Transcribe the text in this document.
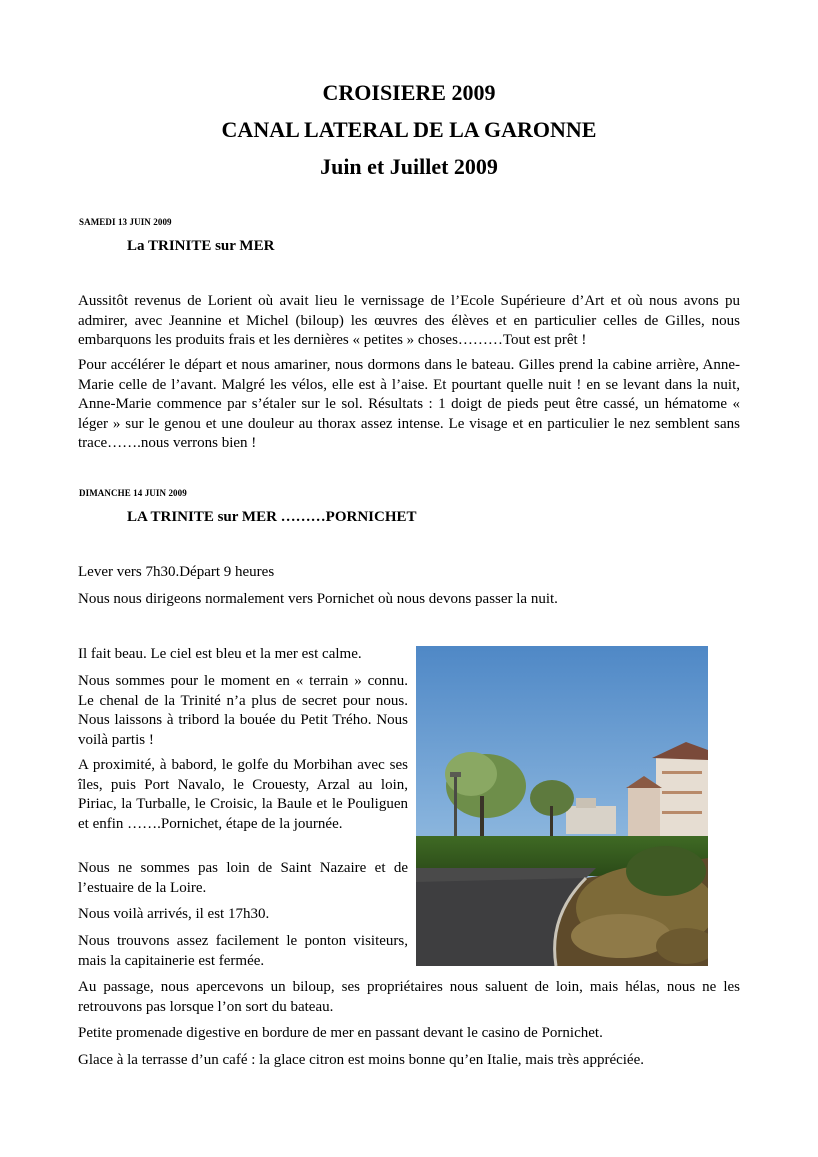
CROISIERE 2009
CANAL LATERAL DE LA GARONNE
Juin et Juillet 2009
SAMEDI 13 JUIN 2009
La TRINITE sur MER

Aussitôt revenus de Lorient où avait lieu le vernissage de l’Ecole Supérieure d’Art et où nous avons pu admirer, avec Jeannine et Michel (biloup) les œuvres des élèves et en particulier celles de Gilles, nous embarquons les produits frais et les dernières « petites » choses………Tout est prêt !

Pour accélérer le départ et nous amariner, nous dormons dans le bateau. Gilles prend la cabine arrière, Anne-Marie celle de l’avant. Malgré les vélos, elle est à l’aise. Et pourtant quelle nuit ! en se levant dans la nuit, Anne-Marie commence par s’étaler sur le sol. Résultats : 1 doigt de pieds peut être cassé, un hématome « léger » sur le genou et une douleur au thorax assez intense. Le visage et en particulier le nez semblent sans trace…….nous verrons bien !

DIMANCHE 14 JUIN 2009
LA TRINITE sur MER ………PORNICHET
Lever vers 7h30.Départ 9 heures
Nous nous dirigeons normalement vers Pornichet où nous devons passer la nuit.

Il fait beau. Le ciel est bleu et la mer est calme.

Nous sommes pour le moment en « terrain » connu. Le chenal de la Trinité n’a plus de secret pour nous. Nous laissons à tribord la bouée du Petit Trého. Nous voilà partis !

A proximité, à babord, le golfe du Morbihan avec ses îles, puis Port Navalo, le Crouesty, Arzal au loin, Piriac, la Turballe, le Croisic, la Baule et le Pouliguen et enfin …….Pornichet, étape de la journée.

Nous ne sommes pas loin de Saint Nazaire et de l’estuaire de la Loire.

Nous voilà arrivés, il est 17h30.

Nous trouvons assez facilement le ponton visiteurs, mais la capitainerie est fermée.

Au passage, nous apercevons un biloup, ses propriétaires nous saluent de loin, mais hélas, nous ne les retrouvons pas lorsque l’on sort du bateau.

Petite promenade digestive en bordure de mer en passant devant le casino de Pornichet.
Glace à la terrasse d’un café : la glace citron est moins bonne qu’en Italie, mais très appréciée.
